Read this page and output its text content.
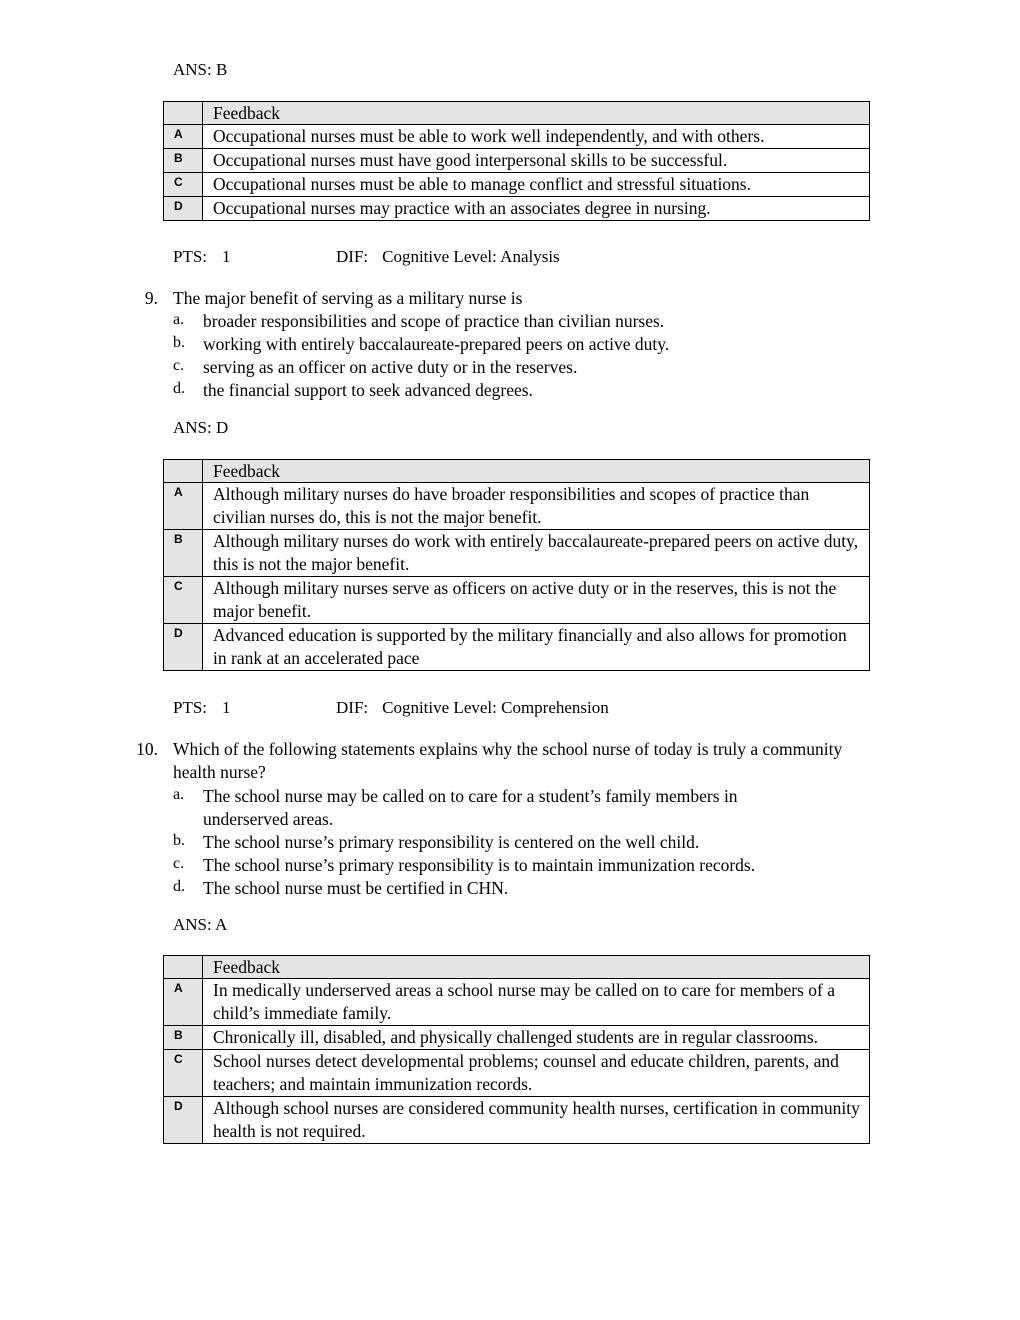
ANS: B
	Feedback
A	Occupational nurses must be able to work well independently, and with others.
B	Occupational nurses must have good interpersonal skills to be successful.
C	Occupational nurses must be able to manage conflict and stressful situations.
D	Occupational nurses may practice with an associates degree in nursing.
PTS: 1	DIF: Cognitive Level: Analysis
9. The major benefit of serving as a military nurse is
a. broader responsibilities and scope of practice than civilian nurses.
b. working with entirely baccalaureate-prepared peers on active duty.
c. serving as an officer on active duty or in the reserves.
d. the financial support to seek advanced degrees.
ANS: D
	Feedback
A	Although military nurses do have broader responsibilities and scopes of practice than civilian nurses do, this is not the major benefit.
B	Although military nurses do work with entirely baccalaureate-prepared peers on active duty, this is not the major benefit.
C	Although military nurses serve as officers on active duty or in the reserves, this is not the major benefit.
D	Advanced education is supported by the military financially and also allows for promotion in rank at an accelerated pace
PTS: 1	DIF: Cognitive Level: Comprehension
10. Which of the following statements explains why the school nurse of today is truly a community health nurse?
a. The school nurse may be called on to care for a student’s family members in underserved areas.
b. The school nurse’s primary responsibility is centered on the well child.
c. The school nurse’s primary responsibility is to maintain immunization records.
d. The school nurse must be certified in CHN.
ANS: A
	Feedback
A	In medically underserved areas a school nurse may be called on to care for members of a child’s immediate family.
B	Chronically ill, disabled, and physically challenged students are in regular classrooms.
C	School nurses detect developmental problems; counsel and educate children, parents, and teachers; and maintain immunization records.
D	Although school nurses are considered community health nurses, certification in community health is not required.
